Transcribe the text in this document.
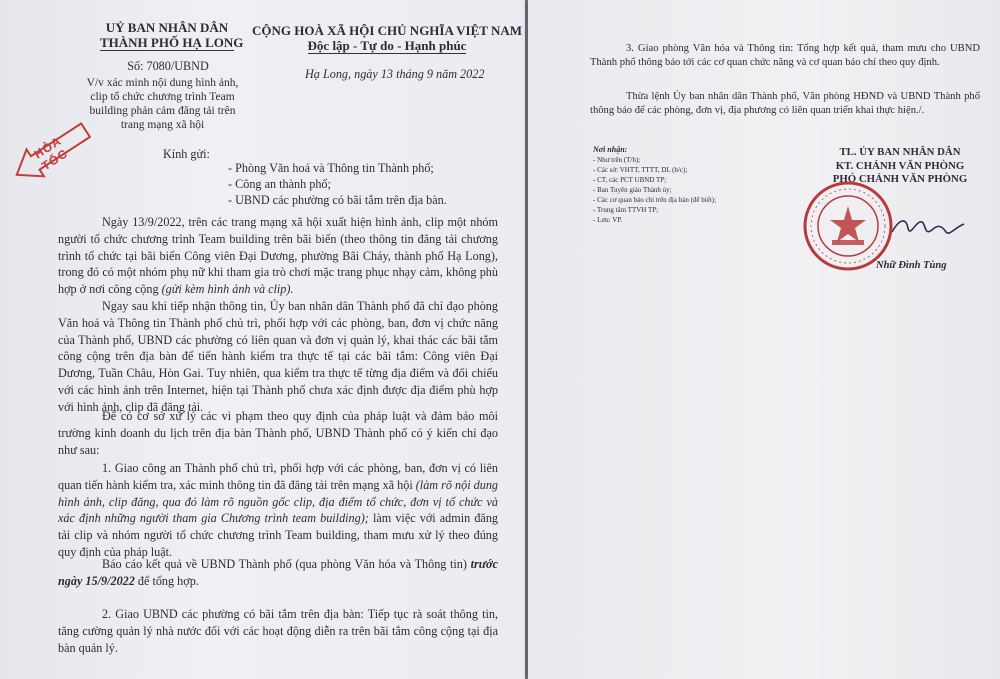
UỶ BAN NHÂN DÂN
THÀNH PHỐ HẠ LONG
CỘNG HOÀ XÃ HỘI CHỦ NGHĨA VIỆT NAM
Độc lập - Tự do - Hạnh phúc
Số: 7080/UBND
Hạ Long, ngày 13 tháng 9 năm 2022
V/v xác minh nội dung hình ảnh,
clip tổ chức chương trình Team
building phản cảm đăng tải trên
trang mạng xã hội
HỎA TỐC	Kính gửi:
- Phòng Văn hoá và Thông tin Thành phố;
- Công an thành phố;
- UBND các phường có bãi tắm trên địa bàn.
Ngày 13/9/2022, trên các trang mạng xã hội xuất hiện hình ảnh, clip một nhóm người tổ chức chương trình Team building trên bãi biển (theo thông tin đăng tải chương trình tổ chức tại bãi biển Công viên Đại Dương, phường Bãi Cháy, thành phố Hạ Long), trong đó có một nhóm phụ nữ khi tham gia trò chơi mặc trang phục nhạy cảm, không phù hợp ở nơi công cộng (gửi kèm hình ảnh và clip).
Ngay sau khi tiếp nhận thông tin, Ủy ban nhân dân Thành phố đã chỉ đạo phòng Văn hoá và Thông tin Thành phố chủ trì, phối hợp với các phòng, ban, đơn vị chức năng của Thành phố, UBND các phường có liên quan và đơn vị quản lý, khai thác các bãi tắm công cộng trên địa bàn để tiến hành kiểm tra thực tế tại các bãi tắm: Công viên Đại Dương, Tuần Châu, Hòn Gai. Tuy nhiên, qua kiểm tra thực tế từng địa điểm và đối chiếu với các hình ảnh trên Internet, hiện tại Thành phố chưa xác định được địa điểm phù hợp với hình ảnh, clip đã đăng tải.
Để có cơ sở xử lý các vi phạm theo quy định của pháp luật và đảm bảo môi trường kinh doanh du lịch trên địa bàn Thành phố, UBND Thành phố có ý kiến chỉ đạo như sau:
1. Giao công an Thành phố chủ trì, phối hợp với các phòng, ban, đơn vị có liên quan tiến hành kiểm tra, xác minh thông tin đã đăng tải trên mạng xã hội (làm rõ nội dung hình ảnh, clip đăng, qua đó làm rõ nguồn gốc clip, địa điểm tổ chức, đơn vị tổ chức và xác định những người tham gia Chương trình team building); làm việc với admin đăng tải clip và nhóm người tổ chức chương trình Team building, tham mưu xử lý theo đúng quy định của pháp luật.
Báo cáo kết quả về UBND Thành phố (qua phòng Văn hóa và Thông tin) trước ngày 15/9/2022 để tổng hợp.
2. Giao UBND các phường có bãi tắm trên địa bàn: Tiếp tục rà soát thông tin, tăng cường quản lý nhà nước đối với các hoạt động diễn ra trên bãi tắm công cộng tại địa bàn quản lý.
3. Giao phòng Văn hóa và Thông tin: Tổng hợp kết quả, tham mưu cho UBND Thành phố thông báo tới các cơ quan chức năng và cơ quan báo chí theo quy định.
Thừa lệnh Ủy ban nhân dân Thành phố, Văn phòng HĐND và UBND Thành phố thông báo để các phòng, đơn vị, địa phương có liên quan triển khai thực hiện./.
Nơi nhận:
- Như trên (T/h);
- Các sở: VHTT, TTTT, DL (b/c);
- CT, các PCT UBND TP;
- Ban Tuyên giáo Thành ủy;
- Các cơ quan báo chí trên địa bàn (để biết);
- Trung tâm TTVH TP;
- Lưu: VP.
TL. ỦY BAN NHÂN DÂN
KT. CHÁNH VĂN PHÒNG
PHÓ CHÁNH VĂN PHÒNG
Nhữ Đình Tùng
